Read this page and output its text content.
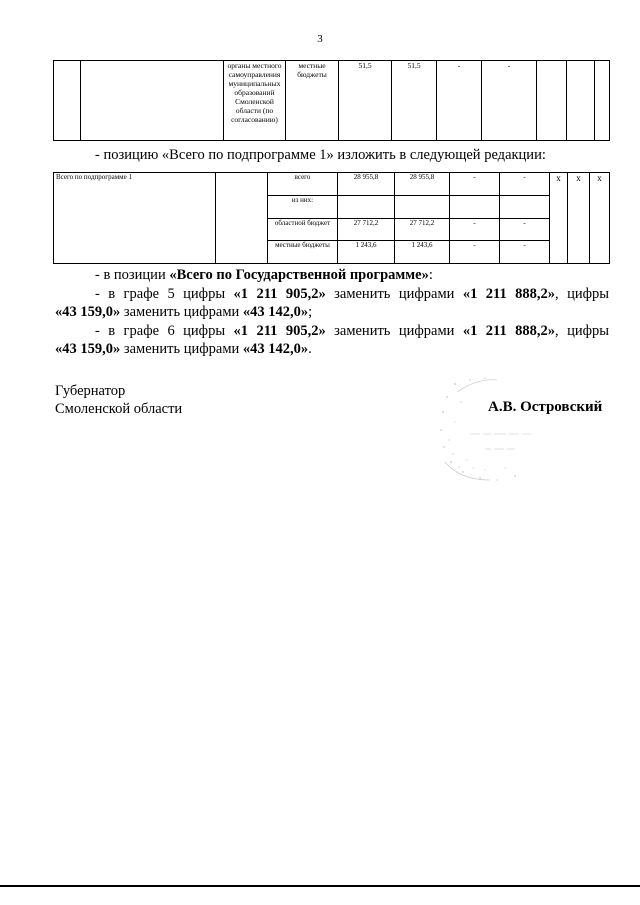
3
		органы местного самоуправления муниципальных образований Смоленской области (по согласованию)	местные бюджеты	51,5	51,5	-	-			
- позицию «Всего по подпрограмме 1» изложить в следующей редакции:
Всего по подпрограмме 1		всего	28 955,8	28 955,8	-	-	x	x	x
		из них:							
		областной бюджет	27 712,2	27 712,2	-	-			
		местные бюджеты	1 243,6	1 243,6	-	-			
- в позиции «Всего по Государственной программе»:
- в графе 5 цифры «1 211 905,2» заменить цифрами «1 211 888,2», цифры
«43 159,0» заменить цифрами «43 142,0»;
- в графе 6 цифры «1 211 905,2» заменить цифрами «1 211 888,2», цифры
«43 159,0» заменить цифрами «43 142,0».
Губернатор
Смоленской области	А.В. Островский
